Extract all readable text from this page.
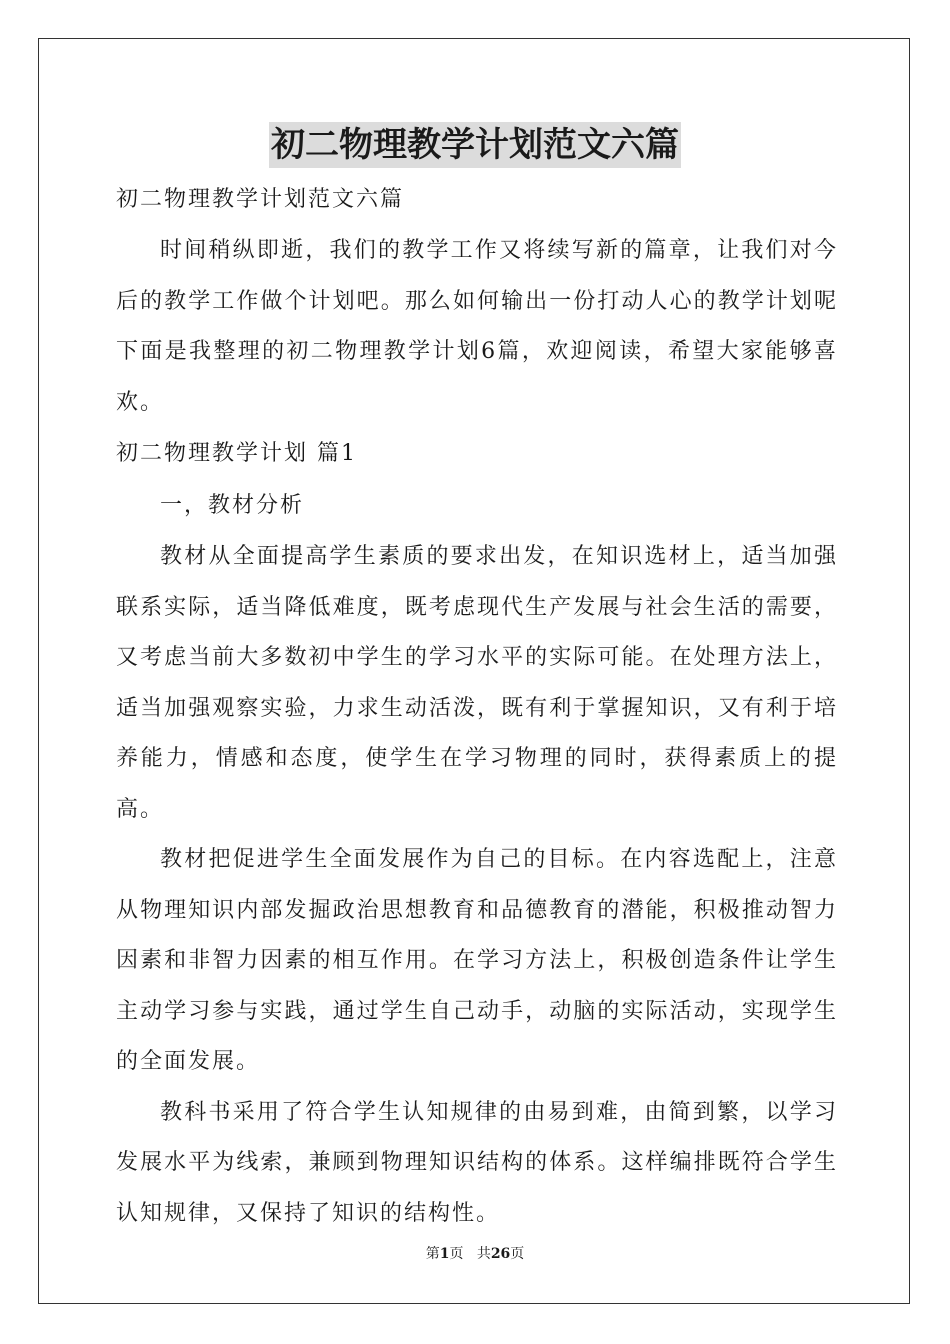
初二物理教学计划范文六篇

初二物理教学计划范文六篇

时间稍纵即逝，我们的教学工作又将续写新的篇章，让我们对今后的教学工作做个计划吧。那么如何输出一份打动人心的教学计划呢下面是我整理的初二物理教学计划6篇，欢迎阅读，希望大家能够喜欢。

初二物理教学计划 篇1

一，教材分析

教材从全面提高学生素质的要求出发，在知识选材上，适当加强联系实际，适当降低难度，既考虑现代生产发展与社会生活的需要，又考虑当前大多数初中学生的学习水平的实际可能。在处理方法上，适当加强观察实验，力求生动活泼，既有利于掌握知识，又有利于培养能力，情感和态度，使学生在学习物理的同时，获得素质上的提高。

教材把促进学生全面发展作为自己的目标。在内容选配上，注意从物理知识内部发掘政治思想教育和品德教育的潜能，积极推动智力因素和非智力因素的相互作用。在学习方法上，积极创造条件让学生主动学习参与实践，通过学生自己动手，动脑的实际活动，实现学生的全面发展。

教科书采用了符合学生认知规律的由易到难，由简到繁，以学习发展水平为线索，兼顾到物理知识结构的体系。这样编排既符合学生认知规律，又保持了知识的结构性。

第1页 共26页
